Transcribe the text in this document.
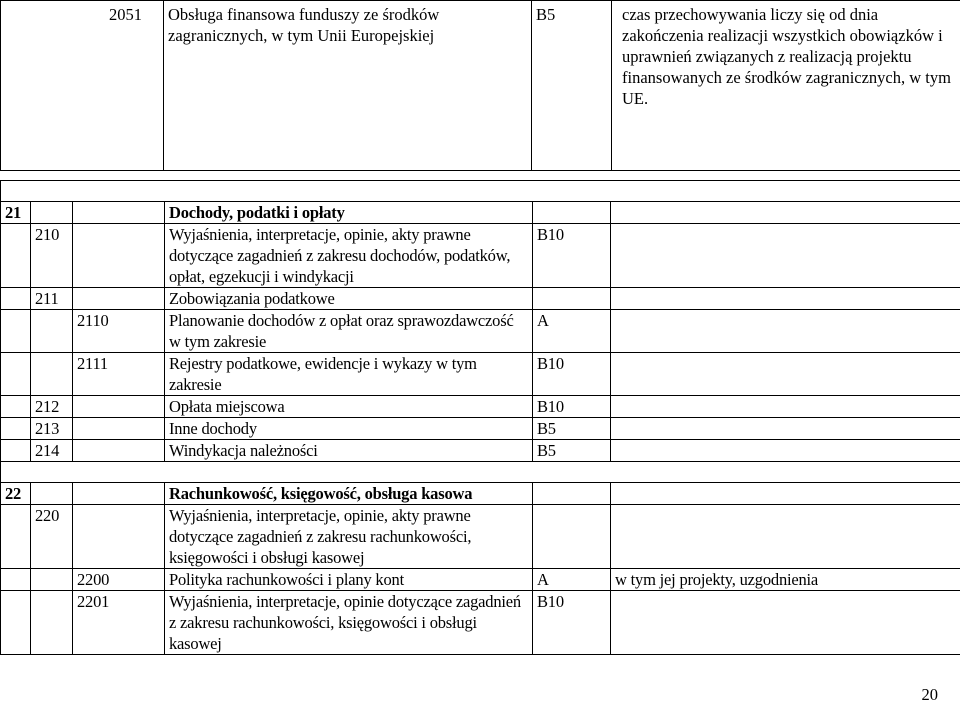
2051	Obsługa finansowa funduszy ze środków zagranicznych, w tym Unii Europejskiej	B5	czas przechowywania liczy się od dnia zakończenia realizacji wszystkich obowiązków i uprawnień związanych z realizacją projektu finansowanych ze środków zagranicznych, w tym UE.

21			Dochody, podatki i opłaty		
	210		Wyjaśnienia, interpretacje, opinie, akty prawne dotyczące zagadnień z zakresu dochodów, podatków, opłat, egzekucji i windykacji	B10	
	211		Zobowiązania podatkowe		
		2110	Planowanie dochodów z opłat oraz sprawozdawczość w tym zakresie	A	
		2111	Rejestry podatkowe, ewidencje i wykazy w tym zakresie	B10	
	212		Opłata miejscowa	B10	
	213		Inne dochody	B5	
	214		Windykacja należności	B5	

22			Rachunkowość, księgowość, obsługa kasowa		
	220		Wyjaśnienia, interpretacje, opinie, akty prawne dotyczące zagadnień z zakresu rachunkowości, księgowości i obsługi kasowej		
		2200	Polityka rachunkowości i plany kont	A	w tym jej projekty, uzgodnienia
		2201	Wyjaśnienia, interpretacje, opinie dotyczące zagadnień z zakresu rachunkowości, księgowości i obsługi kasowej	B10	
20
